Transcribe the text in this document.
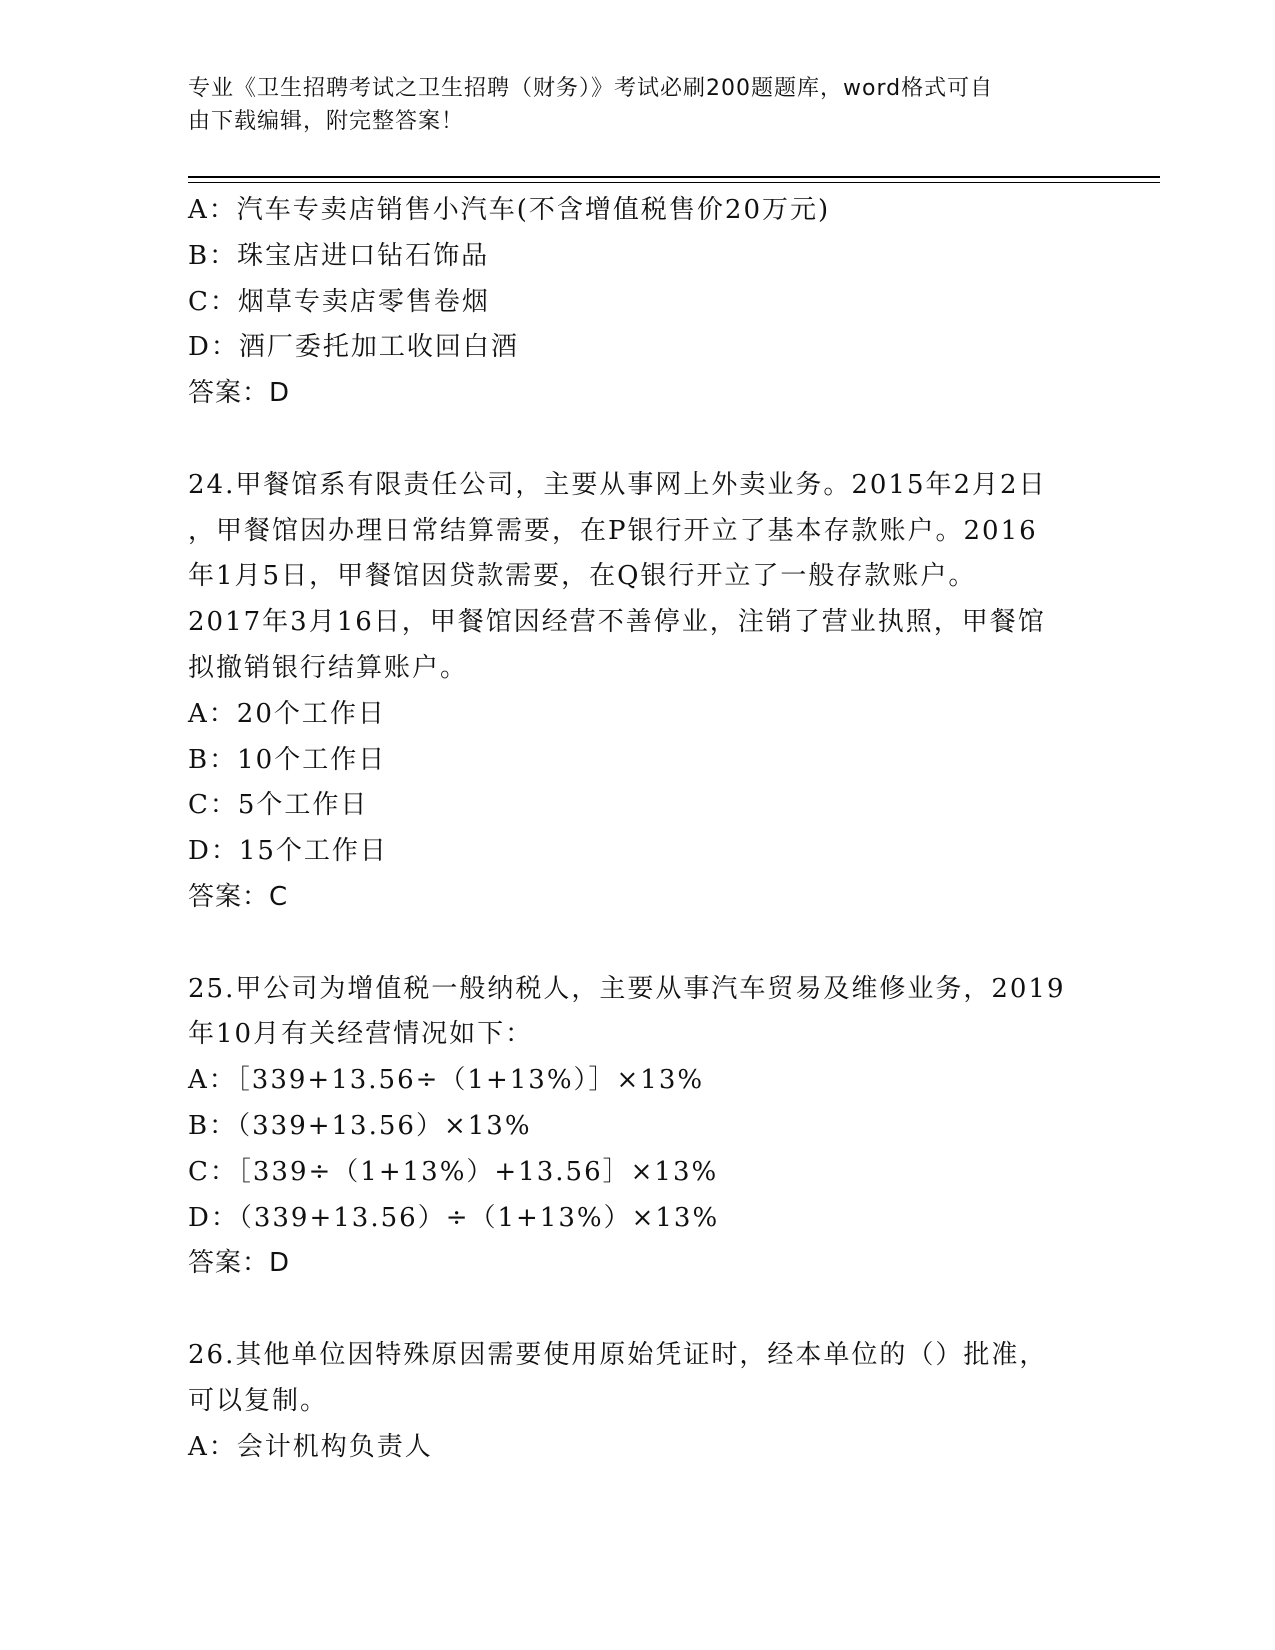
专业《卫生招聘考试之卫生招聘（财务）》考试必刷200题题库，word格式可自
由下载编辑，附完整答案！

A：汽车专卖店销售小汽车(不含增值税售价20万元)

B：珠宝店进口钻石饰品

C：烟草专卖店零售卷烟

D：酒厂委托加工收回白酒

答案：D

24.甲餐馆系有限责任公司，主要从事网上外卖业务。2015年2月2日

，甲餐馆因办理日常结算需要，在P银行开立了基本存款账户。2016

年1月5日，甲餐馆因贷款需要，在Q银行开立了一般存款账户。

2017年3月16日，甲餐馆因经营不善停业，注销了营业执照，甲餐馆

拟撤销银行结算账户。

A：20个工作日

B：10个工作日

C：5个工作日

D：15个工作日

答案：C

25.甲公司为增值税一般纳税人，主要从事汽车贸易及维修业务，2019

年10月有关经营情况如下：

A：［339+13.56÷（1+13%）］×13%

B：（339+13.56）×13%

C：［339÷（1+13%）+13.56］×13%

D：（339+13.56）÷（1+13%）×13%

答案：D

26.其他单位因特殊原因需要使用原始凭证时，经本单位的（）批准，

可以复制。

A：会计机构负责人
